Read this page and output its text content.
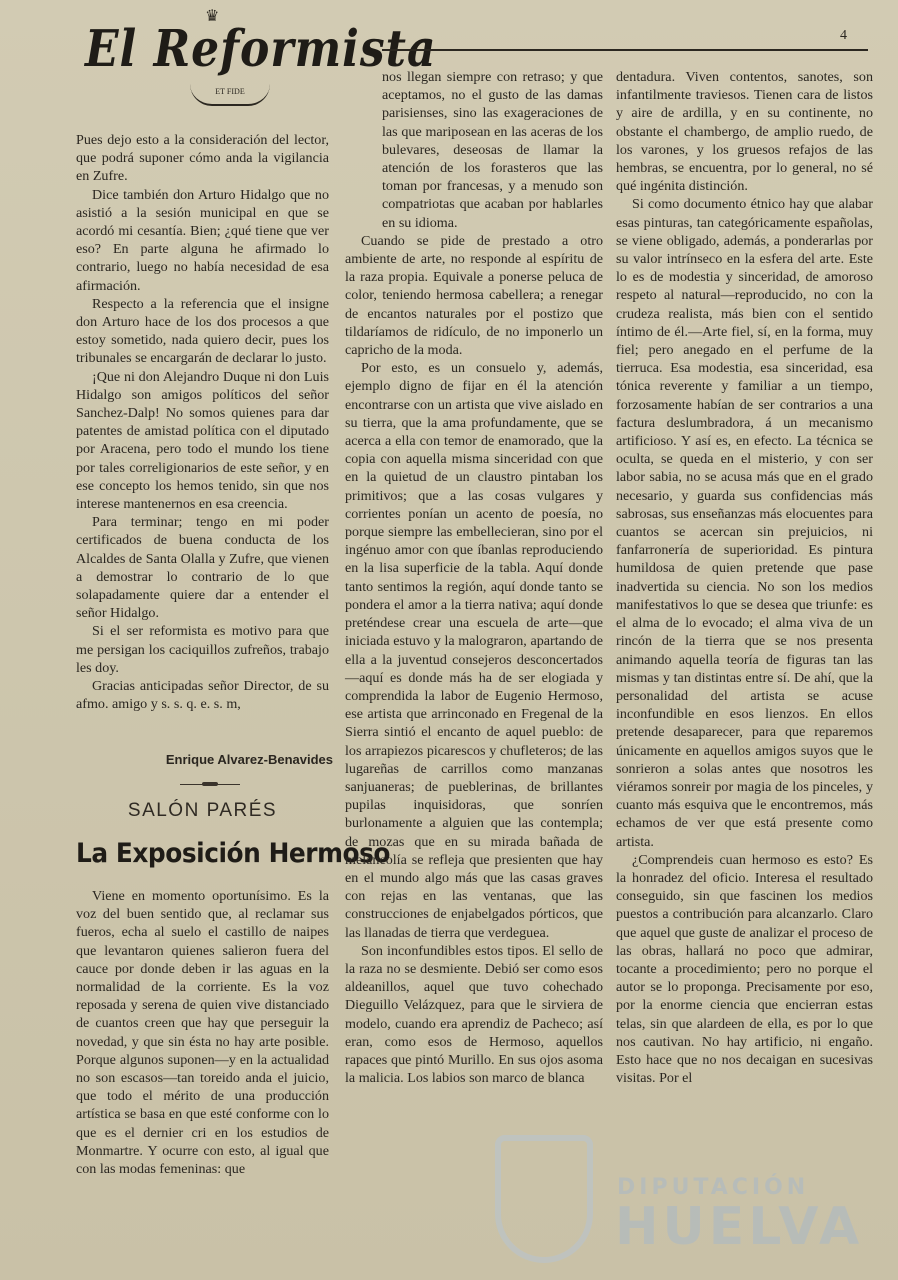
♛
El Reformista
ET FIDE
4

Pues dejo esto a la consideración del lector, que podrá suponer cómo anda la vigilancia en Zufre.

Dice también don Arturo Hidalgo que no asistió a la sesión municipal en que se acordó mi cesantía. Bien; ¿qué tiene que ver eso? En parte alguna he afirmado lo contrario, luego no había necesidad de esa afirmación.

Respecto a la referencia que el insigne don Arturo hace de los dos procesos a que estoy sometido, nada quiero decir, pues los tribunales se encargarán de declarar lo justo.

¡Que ni don Alejandro Duque ni don Luis Hidalgo son amigos políticos del señor Sanchez-Dalp! No somos quienes para dar patentes de amistad política con el diputado por Aracena, pero todo el mundo los tiene por tales correligionarios de este señor, y en ese concepto los hemos tenido, sin que nos interese mantenernos en esa creencia.

Para terminar; tengo en mi poder certificados de buena conducta de los Alcaldes de Santa Olalla y Zufre, que vienen a demostrar lo contrario de lo que solapadamente quiere dar a entender el señor Hidalgo.

Si el ser reformista es motivo para que me persigan los caciquillos zufreños, trabajo les doy.

Gracias anticipadas señor Director, de su afmo. amigo y s. s. q. e. s. m,

Enrique Alvarez-Benavides
SALÓN PARÉS
La Exposición Hermoso

Viene en momento oportunísimo. Es la voz del buen sentido que, al reclamar sus fueros, echa al suelo el castillo de naipes que levantaron quienes salieron fuera del cauce por donde deben ir las aguas en la normalidad de la corriente. Es la voz reposada y serena de quien vive distanciado de cuantos creen que hay que perseguir la novedad, y que sin ésta no hay arte posible. Porque algunos suponen—y en la actualidad no son escasos—tan toreido anda el juicio, que todo el mérito de una producción artística se basa en que esté conforme con lo que es el dernier cri en los estudios de Monmartre. Y ocurre con esto, al igual que con las modas femeninas: que

nos llegan siempre con retraso; y que aceptamos, no el gusto de las damas parisienses, sino las exageraciones de las que mariposean en las aceras de los bulevares, deseosas de llamar la atención de los forasteros que las toman por francesas, y a menudo son compatriotas que acaban por hablarles en su idioma.

Cuando se pide de prestado a otro ambiente de arte, no responde al espíritu de la raza propia. Equivale a ponerse peluca de color, teniendo hermosa cabellera; a renegar de encantos naturales por el postizo que tildaríamos de ridículo, de no imponerlo un capricho de la moda.

Por esto, es un consuelo y, además, ejemplo digno de fijar en él la atención encontrarse con un artista que vive aislado en su tierra, que la ama profundamente, que se acerca a ella con temor de enamorado, que la copia con aquella misma sinceridad con que en la quietud de un claustro pintaban los primitivos; que a las cosas vulgares y corrientes ponían un acento de poesía, no porque siempre las embellecieran, sino por el ingénuo amor con que íbanlas reproduciendo en la lisa superficie de la tabla. Aquí donde tanto sentimos la región, aquí donde tanto se pondera el amor a la tierra nativa; aquí donde preténdese crear una escuela de arte—que iniciada estuvo y la malograron, apartando de ella a la juventud consejeros desconcertados—aquí es donde más ha de ser elogiada y comprendida la labor de Eugenio Hermoso, ese artista que arrinconado en Fregenal de la Sierra sintió el encanto de aquel pueblo: de los arrapiezos picarescos y chufleteros; de las lugareñas de carrillos como manzanas sanjuaneras; de pueblerinas, de brillantes pupilas inquisidoras, que sonríen burlonamente a alguien que las contempla; de mozas que en su mirada bañada de melancolía se refleja que presienten que hay en el mundo algo más que las casas graves con rejas en las ventanas, que las construcciones de enjabelgados pórticos, que las llanadas de tierra que verdeguea.

Son inconfundibles estos tipos. El sello de la raza no se desmiente. Debió ser como esos aldeanillos, aquel que tuvo cohechado Dieguillo Velázquez, para que le sirviera de modelo, cuando era aprendiz de Pacheco; así eran, como esos de Hermoso, aquellos rapaces que pintó Murillo. En sus ojos asoma la malicia. Los labios son marco de blanca

dentadura. Viven contentos, sanotes, son infantilmente traviesos. Tienen cara de listos y aire de ardilla, y en su continente, no obstante el chambergo, de amplio ruedo, de los varones, y los gruesos refajos de las hembras, se encuentra, por lo general, no sé qué ingénita distinción.

Si como documento étnico hay que alabar esas pinturas, tan categóricamente españolas, se viene obligado, además, a ponderarlas por su valor intrínseco en la esfera del arte. Este lo es de modestia y sinceridad, de amoroso respeto al natural—reproducido, no con la crudeza realista, más bien con el sentido íntimo de él.—Arte fiel, sí, en la forma, muy fiel; pero anegado en el perfume de la tierruca. Esa modestia, esa sinceridad, esa tónica reverente y familiar a un tiempo, forzosamente habían de ser contrarios a una factura deslumbradora, á un mecanismo artificioso. Y así es, en efecto. La técnica se oculta, se queda en el misterio, y con ser labor sabia, no se acusa más que en el grado necesario, y guarda sus confidencias más sabrosas, sus enseñanzas más elocuentes para cuantos se acercan sin prejuicios, ni fanfarronería de superioridad. Es pintura humildosa de quien pretende que pase inadvertida su ciencia. No son los medios manifestativos lo que se desea que triunfe: es el alma de lo evocado; el alma viva de un rincón de la tierra que se nos presenta animando aquella teoría de figuras tan las mismas y tan distintas entre sí. De ahí, que la personalidad del artista se acuse inconfundible en esos lienzos. En ellos pretende desaparecer, para que reparemos únicamente en aquellos amigos suyos que le sonrieron a solas antes que nosotros les viéramos sonreir por magia de los pinceles, y cuanto más esquiva que le encontremos, más echamos de ver que está presente como artista.

¿Comprendeis cuan hermoso es esto? Es la honradez del oficio. Interesa el resultado conseguido, sin que fascinen los medios puestos a contribución para alcanzarlo. Claro que aquel que guste de analizar el proceso de las obras, hallará no poco que admirar, tocante a procedimiento; pero no porque el autor se lo proponga. Precisamente por eso, por la enorme ciencia que encierran estas telas, sin que alardeen de ella, es por lo que nos cautivan. No hay artificio, ni engaño. Esto hace que no nos decaigan en sucesivas visitas. Por el

DIPUTACIÓN
HUELVA
